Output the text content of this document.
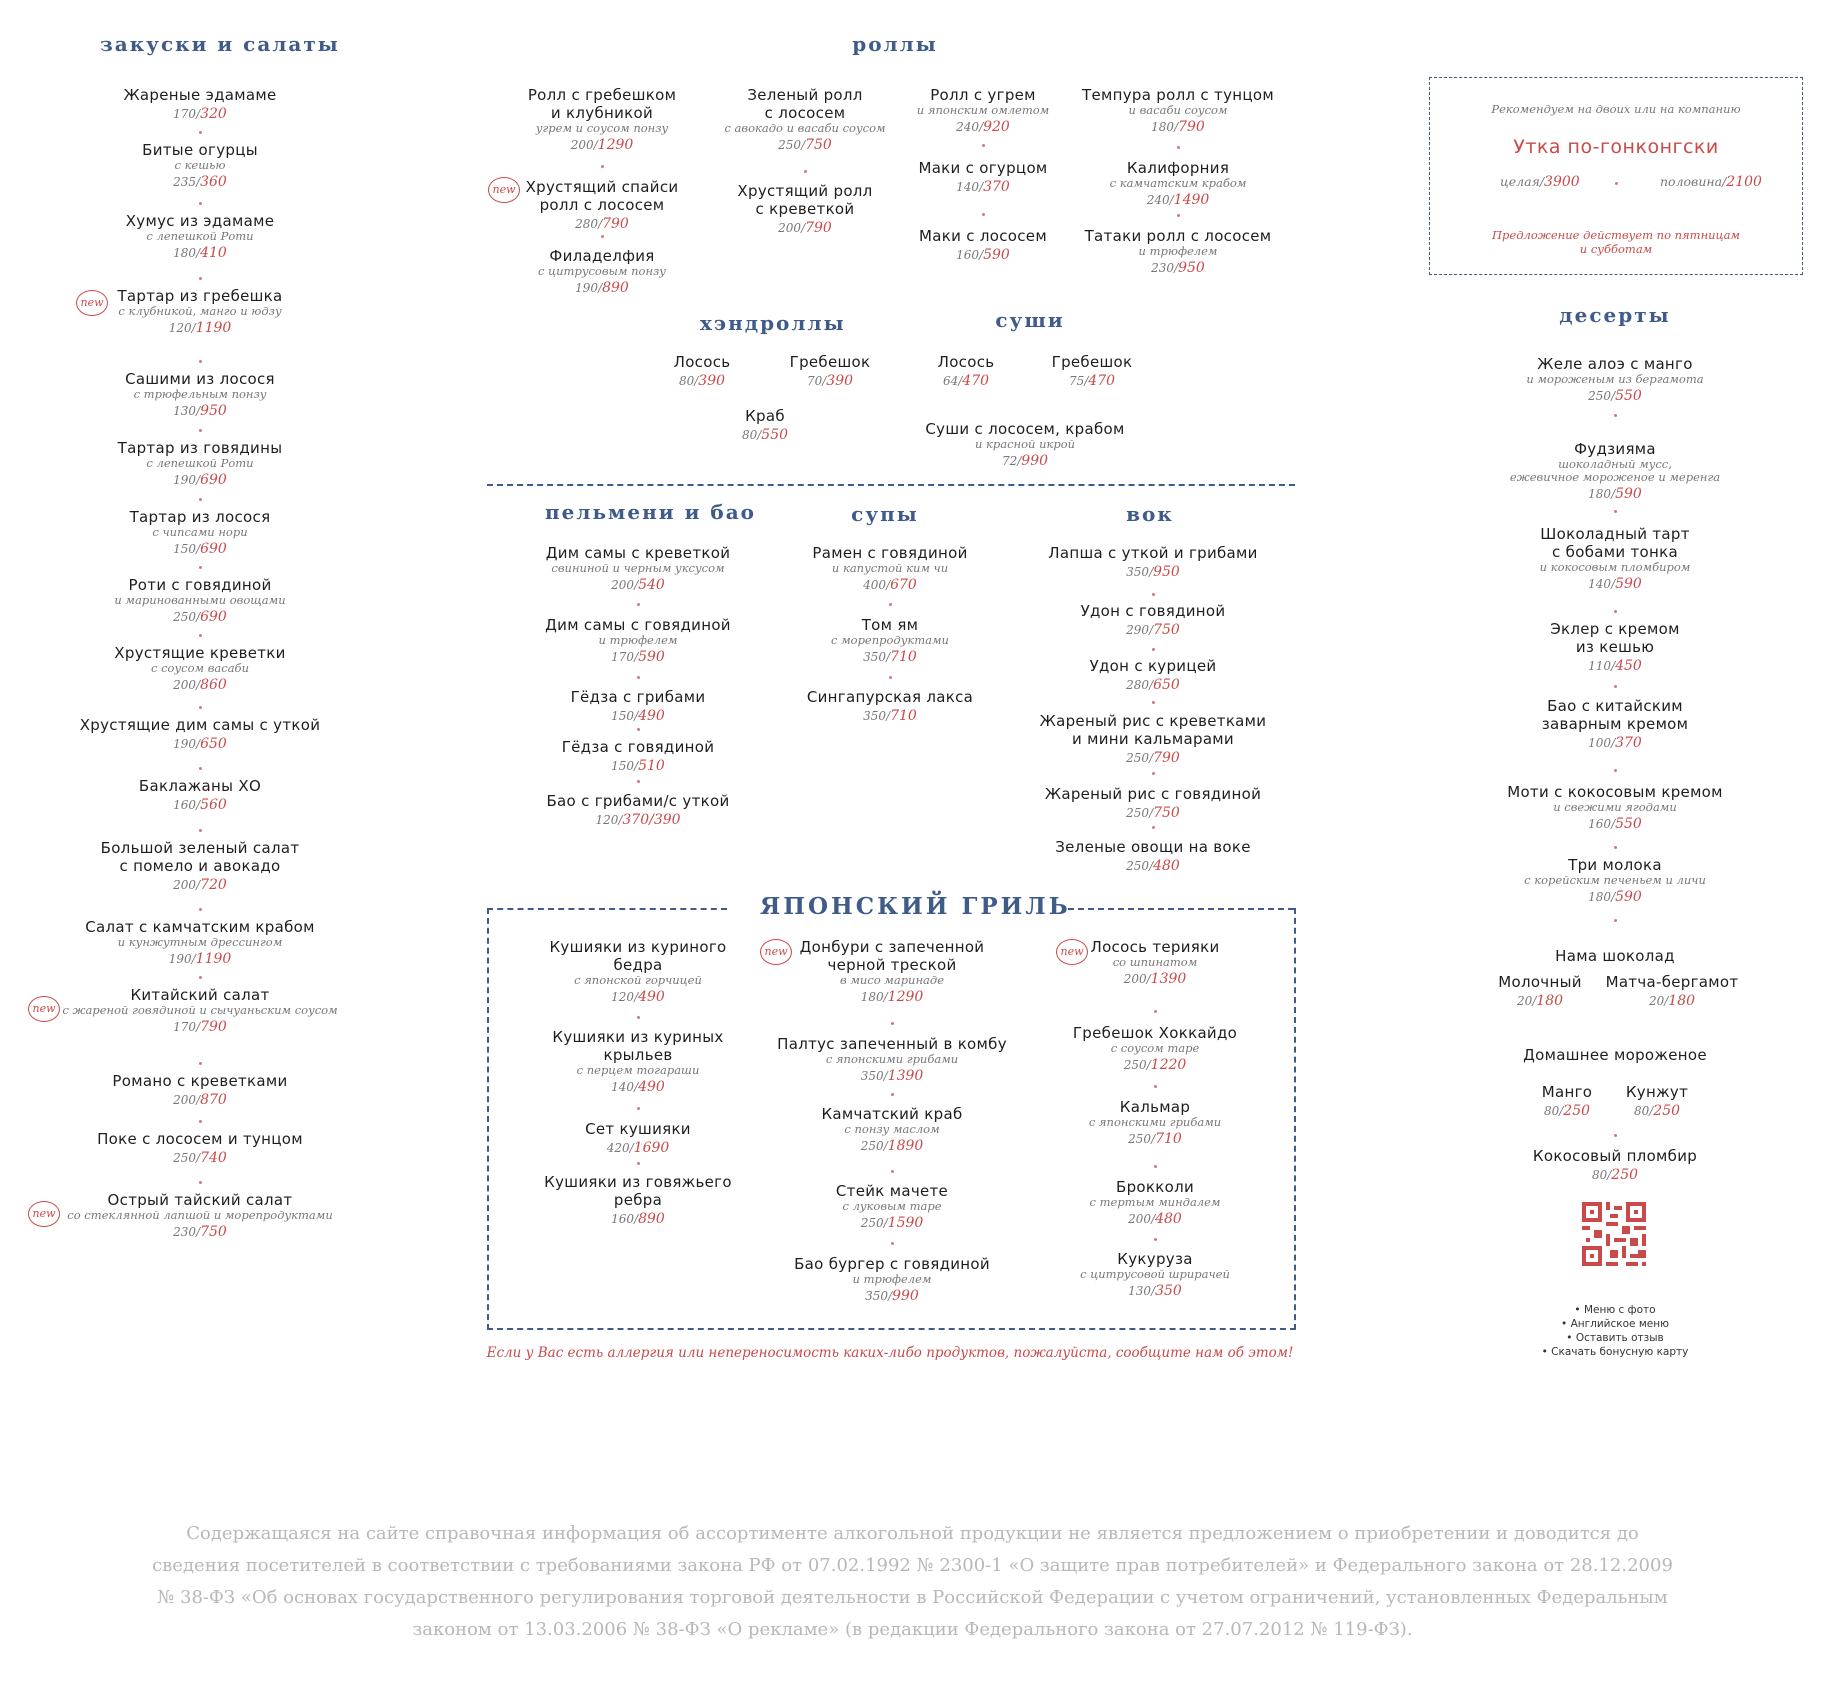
закуски и салаты	роллы
хэндроллы	суши
пельмени и бао	супы	вок
ЯПОНСКИЙ ГРИЛЬ
десерты
new
new
new
new
new	new
Жареные эдамаме
170/320
Битые огурцы
с кешью
235/360
Хумус из эдамаме
с лепешкой Роти
180/410
Тартар из гребешка
с клубникой, манго и юдзу
120/1190
Сашими из лосося
с трюфельным понзу
130/950
Тартар из говядины
с лепешкой Роти
190/690
Тартар из лосося
с чипсами нори
150/690
Роти с говядиной
и маринованными овощами
250/690
Хрустящие креветки
с соусом васаби
200/860
Хрустящие дим самы с уткой
190/650
Баклажаны ХО
160/560
Большой зеленый салат
с помело и авокадо
200/720
Салат с камчатским крабом
и кунжутным дрессингом
190/1190
Китайский салат
с жареной говядиной и сычуаньским соусом
170/790
Романо с креветками
200/870
Поке с лососем и тунцом
250/740
Острый тайский салат
со стеклянной лапшой и морепродуктами
230/750
Ролл с гребешком
и клубникой
угрем и соусом понзу
200/1290
Хрустящий спайси
ролл с лососем
280/790
Филаделфия
с цитрусовым понзу
190/890
Зеленый ролл
с лососем
с авокадо и васаби соусом
250/750
Хрустящий ролл
с креветкой
200/790
Ролл с угрем
и японским омлетом
240/920
Маки с огурцом
140/370
Маки с лососем
160/590
Темпура ролл с тунцом
и васаби соусом
180/790
Калифорния
с камчатским крабом
240/1490
Татаки ролл с лососем
и трюфелем
230/950
Лосось
80/390
Гребешок
70/390
Краб
80/550
Лосось
64/470
Гребешок
75/470
Суши с лососем, крабом
и красной икрой
72/990
Дим самы с креветкой
свининой и черным уксусом
200/540
Дим самы с говядиной
и трюфелем
170/590
Гёдза с грибами
150/490
Гёдза с говядиной
150/510
Бао с грибами/с уткой
120/370/390
Рамен с говядиной
и капустой ким чи
400/670
Том ям
с морепродуктами
350/710
Сингапурская лакса
350/710
Лапша с уткой и грибами
350/950
Удон с говядиной
290/750
Удон с курицей
280/650
Жареный рис с креветками
и мини кальмарами
250/790
Жареный рис с говядиной
250/750
Зеленые овощи на воке
250/480
Кушияки из куриного
бедра
с японской горчицей
120/490
Кушияки из куриных
крыльев
с перцем тогараши
140/490
Сет кушияки
420/1690
Кушияки из говяжьего
ребра
160/890
Донбури с запеченной
черной треской
в мисо маринаде
180/1290
Палтус запеченный в комбу
с японскими грибами
350/1390
Камчатский краб
с понзу маслом
250/1890
Стейк мачете
с луковым таре
250/1590
Бао бургер с говядиной
и трюфелем
350/990
Лосось терияки
со шпинатом
200/1390
Гребешок Хоккайдо
с соусом таре
250/1220
Кальмар
с японскими грибами
250/710
Брокколи
с тертым миндалем
200/480
Кукуруза
с цитрусовой шрирачей
130/350
Желе алоэ с манго
и мороженым из бергамота
250/550
Фудзияма
шоколадный мусс,
ежевичное мороженое и меренга
180/590
Шоколадный тарт
с бобами тонка
и кокосовым пломбиром
140/590
Эклер с кремом
из кешью
110/450
Бао с китайским
заварным кремом
100/370
Моти с кокосовым кремом
и свежими ягодами
160/550
Три молока
с корейским печеньем и личи
180/590
Молочный
20/180
Матча-бергамот
20/180
Манго
80/250
Кунжут
80/250
Кокосовый пломбир
80/250
Рекомендуем на двоих или на компанию
Утка по-гонконгски
целая/3900	половина/2100
Предложение действует по пятницам
и субботам
Нама шоколад
Домашнее мороженое
• Меню с фото
• Английское меню
• Оставить отзыв
• Скачать бонусную карту
Если у Вас есть аллергия или непереносимость каких-либо продуктов, пожалуйста, сообщите нам об этом!
Содержащаяся на сайте справочная информация об ассортименте алкогольной продукции не является предложением о приобретении и доводится до сведения посетителей в соответствии с требованиями закона РФ от 07.02.1992 № 2300-1 «О защите прав потребителей» и Федерального закона от 28.12.2009 № 38-ФЗ «Об основах государственного регулирования торговой деятельности в Российской Федерации с учетом ограничений, установленных Федеральным законом от 13.03.2006 № 38-ФЗ «О рекламе» (в редакции Федерального закона от 27.07.2012 № 119-ФЗ).
